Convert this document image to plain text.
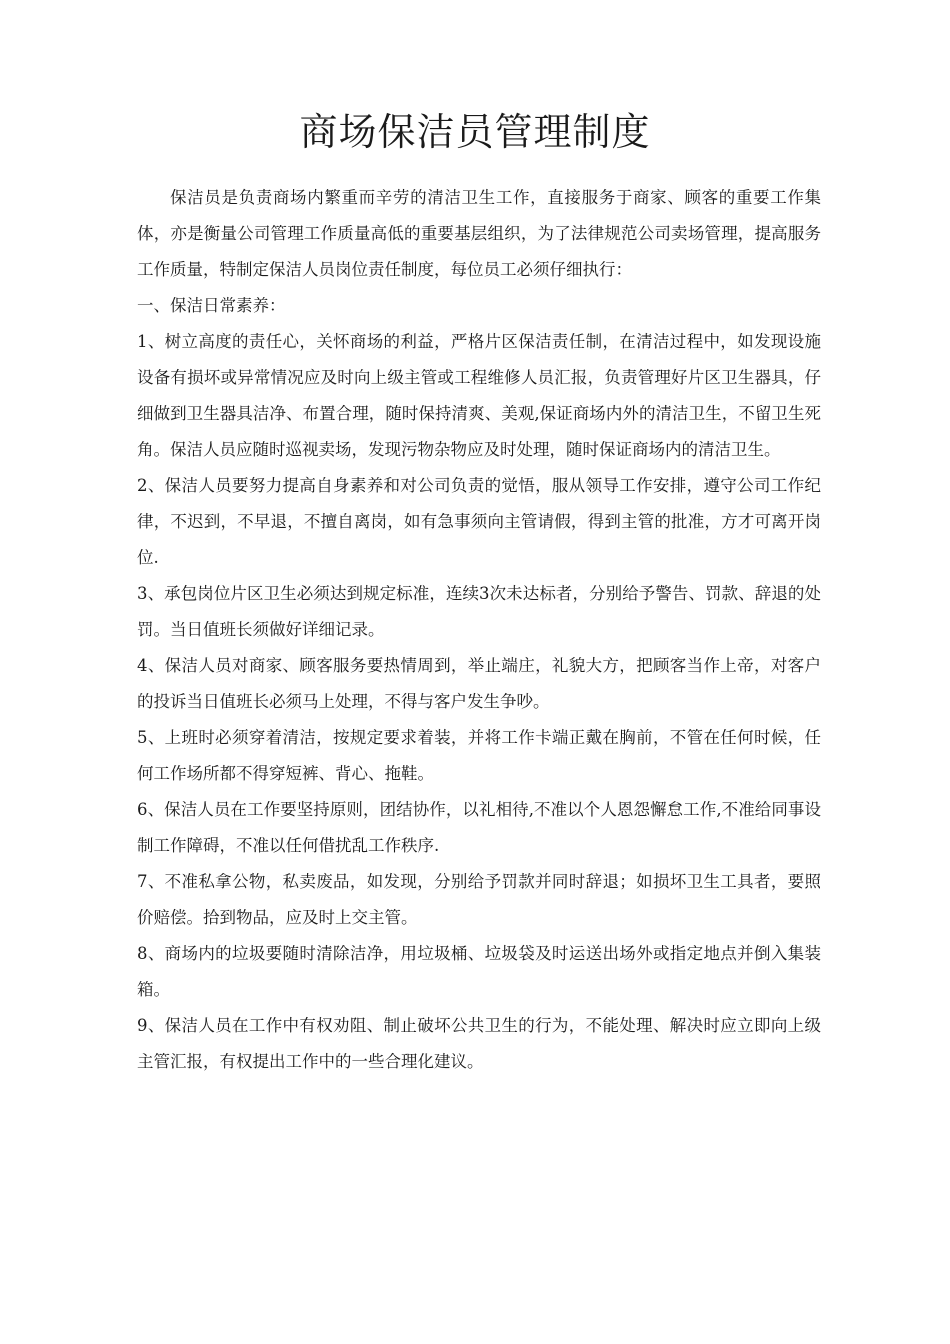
商场保洁员管理制度

保洁员是负责商场内繁重而辛劳的清洁卫生工作，直接服务于商家、顾客的重要工作集体，亦是衡量公司管理工作质量高低的重要基层组织，为了法律规范公司卖场管理，提高服务工作质量，特制定保洁人员岗位责任制度，每位员工必须仔细执行：

一、保洁日常素养：

1、树立高度的责任心，关怀商场的利益，严格片区保洁责任制，在清洁过程中，如发现设施设备有损坏或异常情况应及时向上级主管或工程维修人员汇报，负责管理好片区卫生器具，仔细做到卫生器具洁净、布置合理，随时保持清爽、美观,保证商场内外的清洁卫生，不留卫生死角。保洁人员应随时巡视卖场，发现污物杂物应及时处理，随时保证商场内的清洁卫生。

2、保洁人员要努力提高自身素养和对公司负责的觉悟，服从领导工作安排，遵守公司工作纪律，不迟到，不早退，不擅自离岗，如有急事须向主管请假，得到主管的批准，方才可离开岗位.

3、承包岗位片区卫生必须达到规定标准，连续3次未达标者，分别给予警告、罚款、辞退的处罚。当日值班长须做好详细记录。

4、保洁人员对商家、顾客服务要热情周到，举止端庄，礼貌大方，把顾客当作上帝，对客户的投诉当日值班长必须马上处理，不得与客户发生争吵。

5、上班时必须穿着清洁，按规定要求着装，并将工作卡端正戴在胸前，不管在任何时候，任何工作场所都不得穿短裤、背心、拖鞋。

6、保洁人员在工作要坚持原则，团结协作，以礼相待,不准以个人恩怨懈怠工作,不准给同事设制工作障碍，不准以任何借扰乱工作秩序.

7、不准私拿公物，私卖废品，如发现，分别给予罚款并同时辞退；如损坏卫生工具者，要照价赔偿。拾到物品，应及时上交主管。

8、商场内的垃圾要随时清除洁净，用垃圾桶、垃圾袋及时运送出场外或指定地点并倒入集装箱。

9、保洁人员在工作中有权劝阻、制止破坏公共卫生的行为，不能处理、解决时应立即向上级主管汇报，有权提出工作中的一些合理化建议。
